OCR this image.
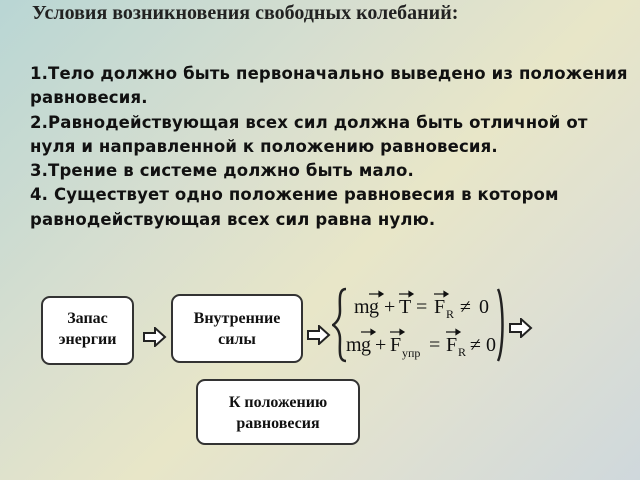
Условия возникновения свободных колебаний:
1.Тело должно быть первоначально выведено из положения равновесия.
2.Равнодействующая всех сил должна быть отличной от нуля и направленной к положению равновесия.
3.Трение в системе должно быть мало.
4. Существует одно положение равновесия в котором равнодействующая всех сил равна нулю.
Запас
энергии
Внутренние
силы
m g + T = F R ≠ 0
m g + F упр = F R ≠ 0
К положению
равновесия
